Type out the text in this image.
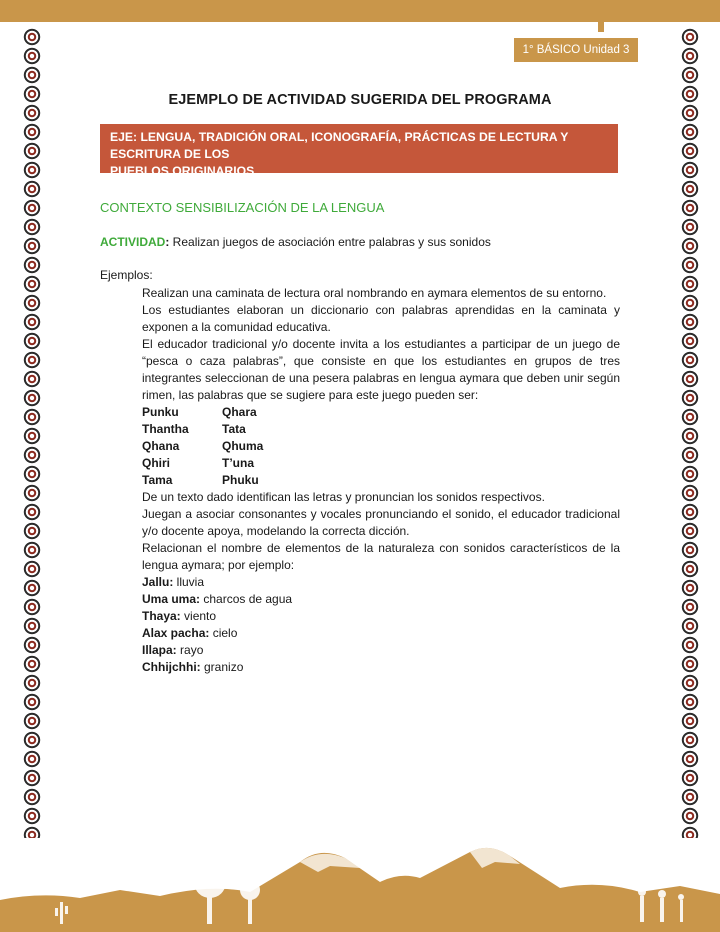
1° BÁSICO Unidad 3
EJEMPLO DE ACTIVIDAD SUGERIDA DEL PROGRAMA
EJE: LENGUA, TRADICIÓN ORAL, ICONOGRAFÍA, PRÁCTICAS DE LECTURA Y ESCRITURA DE LOS
PUEBLOS ORIGINARIOS.
CONTEXTO SENSIBILIZACIÓN DE LA LENGUA
ACTIVIDAD: Realizan juegos de asociación entre palabras y sus sonidos
Ejemplos:

Realizan una caminata de lectura oral nombrando en aymara elementos de su entorno.

Los estudiantes elaboran un diccionario con palabras aprendidas en la caminata y exponen a la comunidad educativa.

El educador tradicional y/o docente invita a los estudiantes a participar de un juego de “pesca o caza palabras”, que consiste en que los estudiantes en grupos de tres integrantes seleccionan de una pesera palabras en lengua aymara que deben unir según rimen, las palabras que se sugiere para este juego pueden ser:

Punku	Qhara
Thantha	Tata
Qhana	Qhuma
Qhiri	T’una
Tama	Phuku

De un texto dado identifican las letras y pronuncian los sonidos respectivos.

Juegan a asociar consonantes y vocales pronunciando el sonido, el educador tradicional y/o docente apoya, modelando la correcta dicción.

Relacionan el nombre de elementos de la naturaleza con sonidos característicos de la lengua aymara; por ejemplo:

Jallu: lluvia
Uma uma: charcos de agua
Thaya: viento
Alax pacha: cielo
Illapa: rayo
Chhijchhi: granizo
